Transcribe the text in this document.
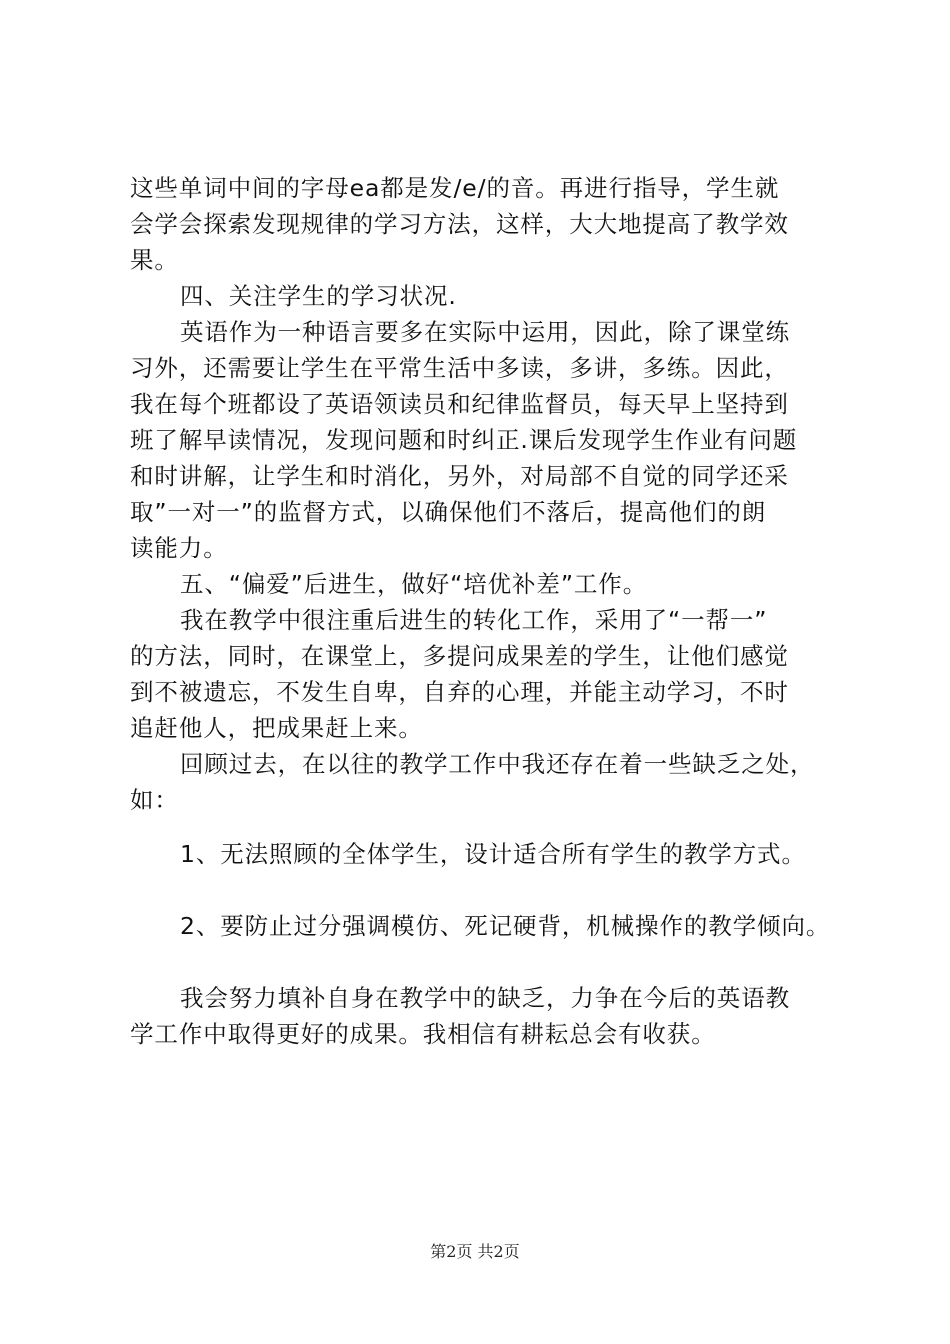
这些单词中间的字母ea都是发/e/的音。再进行指导，学生就
会学会探索发现规律的学习方法，这样，大大地提高了教学效
果。
四、关注学生的学习状况.
英语作为一种语言要多在实际中运用，因此，除了课堂练
习外，还需要让学生在平常生活中多读，多讲，多练。因此，
我在每个班都设了英语领读员和纪律监督员，每天早上坚持到
班了解早读情况，发现问题和时纠正.课后发现学生作业有问题
和时讲解，让学生和时消化，另外，对局部不自觉的同学还采
取”一对一”的监督方式，以确保他们不落后，提高他们的朗
读能力。
五、“偏爱”后进生，做好“培优补差”工作。
我在教学中很注重后进生的转化工作，采用了“一帮一”
的方法，同时，在课堂上，多提问成果差的学生，让他们感觉
到不被遗忘，不发生自卑，自弃的心理，并能主动学习，不时
追赶他人，把成果赶上来。
回顾过去，在以往的教学工作中我还存在着一些缺乏之处，
如：
1、无法照顾的全体学生，设计适合所有学生的教学方式。
2、要防止过分强调模仿、死记硬背，机械操作的教学倾向。
我会努力填补自身在教学中的缺乏，力争在今后的英语教
学工作中取得更好的成果。我相信有耕耘总会有收获。
第2页 共2页
